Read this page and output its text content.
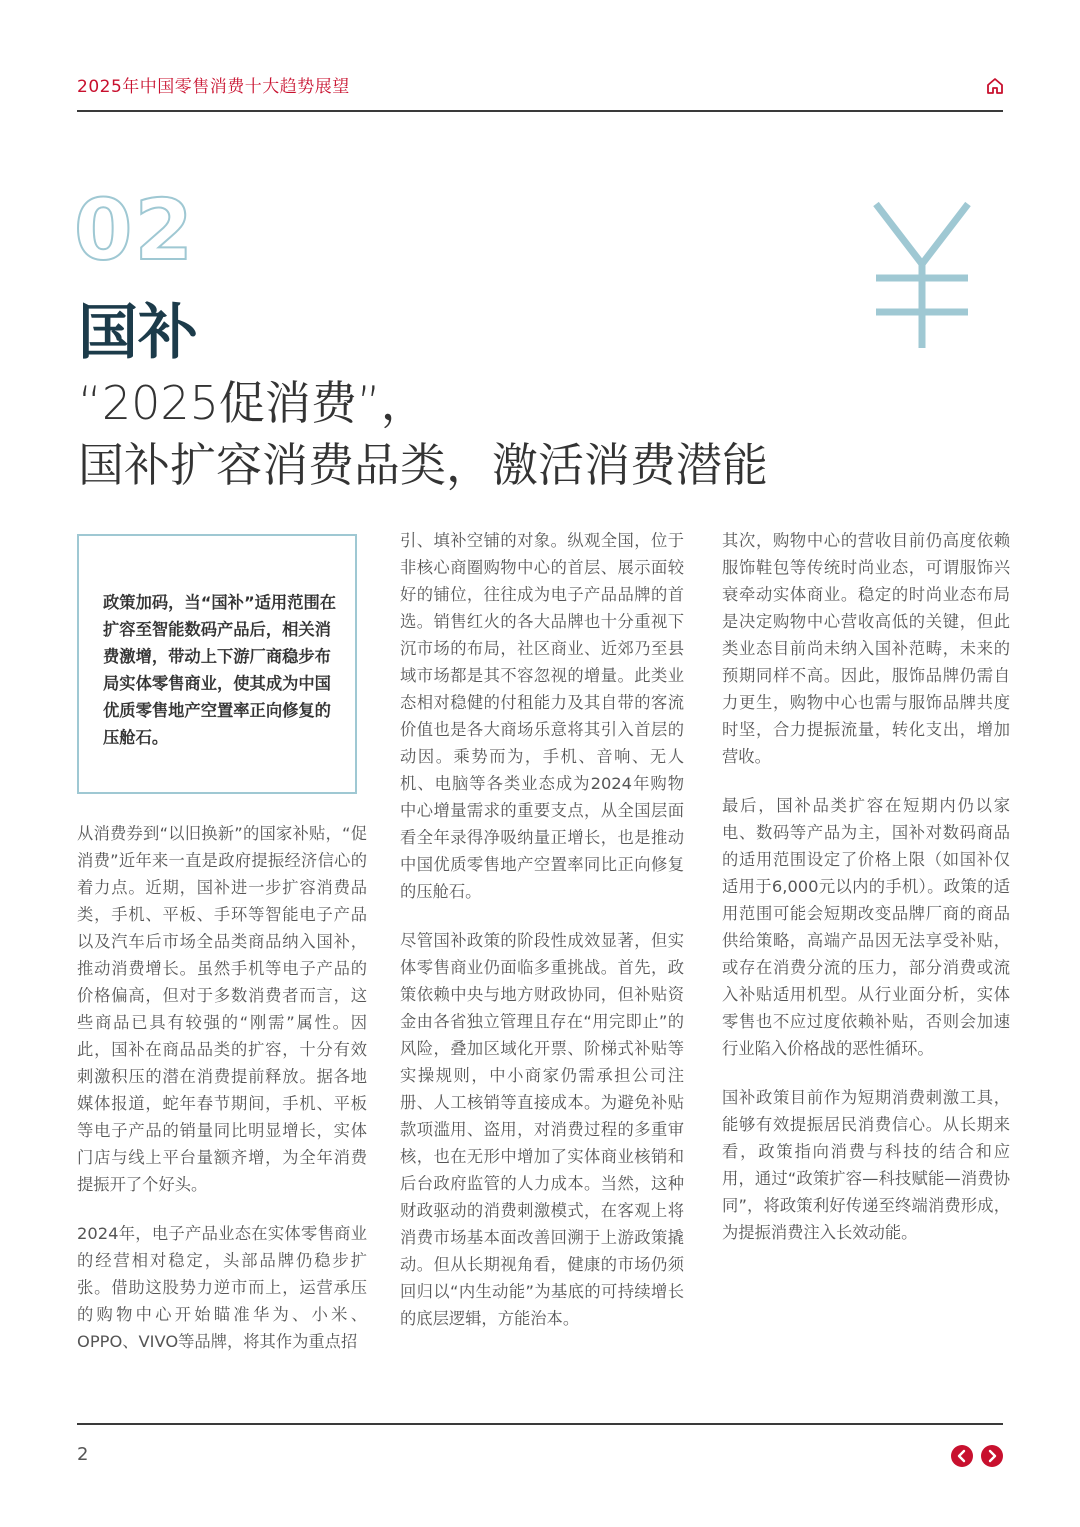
2025年中国零售消费十大趋势展望
02
国补
“2025促消费”，
国补扩容消费品类，激活消费潜能

政策加码，当“国补”适用范围在扩容至智能数码产品后，相关消费激增，带动上下游厂商稳步布局实体零售商业，使其成为中国优质零售地产空置率正向修复的压舱石。

从消费券到“以旧换新”的国家补贴，“促消费”近年来一直是政府提振经济信心的着力点。近期，国补进一步扩容消费品类，手机、平板、手环等智能电子产品以及汽车后市场全品类商品纳入国补，推动消费增长。虽然手机等电子产品的价格偏高，但对于多数消费者而言，这些商品已具有较强的“刚需”属性。因此，国补在商品品类的扩容，十分有效刺激积压的潜在消费提前释放。据各地媒体报道，蛇年春节期间，手机、平板等电子产品的销量同比明显增长，实体门店与线上平台量额齐增，为全年消费提振开了个好头。

2024年，电子产品业态在实体零售商业的经营相对稳定，头部品牌仍稳步扩张。借助这股势力逆市而上，运营承压的购物中心开始瞄准华为、小米、OPPO、VIVO等品牌，将其作为重点招

引、填补空铺的对象。纵观全国，位于非核心商圈购物中心的首层、展示面较好的铺位，往往成为电子产品品牌的首选。销售红火的各大品牌也十分重视下沉市场的布局，社区商业、近郊乃至县域市场都是其不容忽视的增量。此类业态相对稳健的付租能力及其自带的客流价值也是各大商场乐意将其引入首层的动因。乘势而为，手机、音响、无人机、电脑等各类业态成为2024年购物中心增量需求的重要支点，从全国层面看全年录得净吸纳量正增长，也是推动中国优质零售地产空置率同比正向修复的压舱石。

尽管国补政策的阶段性成效显著，但实体零售商业仍面临多重挑战。首先，政策依赖中央与地方财政协同，但补贴资金由各省独立管理且存在“用完即止”的风险，叠加区域化开票、阶梯式补贴等实操规则，中小商家仍需承担公司注册、人工核销等直接成本。为避免补贴款项滥用、盗用，对消费过程的多重审核，也在无形中增加了实体商业核销和后台政府监管的人力成本。当然，这种财政驱动的消费刺激模式，在客观上将消费市场基本面改善回溯于上游政策撬动。但从长期视角看，健康的市场仍须回归以“内生动能”为基底的可持续增长的底层逻辑，方能治本。

其次，购物中心的营收目前仍高度依赖服饰鞋包等传统时尚业态，可谓服饰兴衰牵动实体商业。稳定的时尚业态布局是决定购物中心营收高低的关键，但此类业态目前尚未纳入国补范畴，未来的预期同样不高。因此，服饰品牌仍需自力更生，购物中心也需与服饰品牌共度时坚，合力提振流量，转化支出，增加营收。

最后，国补品类扩容在短期内仍以家电、数码等产品为主，国补对数码商品的适用范围设定了价格上限（如国补仅适用于6,000元以内的手机）。政策的适用范围可能会短期改变品牌厂商的商品供给策略，高端产品因无法享受补贴，或存在消费分流的压力，部分消费或流入补贴适用机型。从行业面分析，实体零售也不应过度依赖补贴，否则会加速行业陷入价格战的恶性循环。

国补政策目前作为短期消费刺激工具，能够有效提振居民消费信心。从长期来看，政策指向消费与科技的结合和应用，通过“政策扩容—科技赋能—消费协同”，将政策利好传递至终端消费形成，为提振消费注入长效动能。

2
